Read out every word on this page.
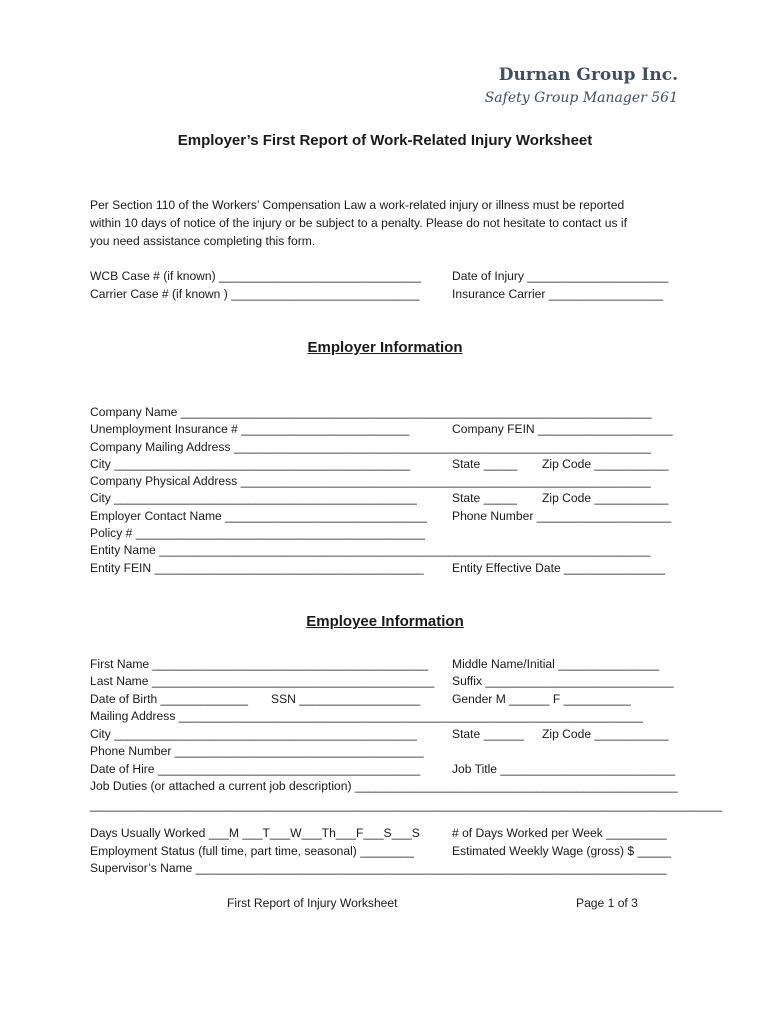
Durnan Group Inc.
Safety Group Manager 561
Employer’s First Report of Work-Related Injury Worksheet
Per Section 110 of the Workers’ Compensation Law a work-related injury or illness must be reported
within 10 days of notice of the injury or be subject to a penalty. Please do not hesitate to contact us if
you need assistance completing this form.
WCB Case # (if known) ______________________________	Date of Injury _____________________
Carrier Case # (if known ) ____________________________	Insurance Carrier _________________
Employer Information
Company Name ______________________________________________________________________
Unemployment Insurance # _________________________	Company FEIN ____________________
Company Mailing Address ______________________________________________________________
City ____________________________________________	State _____ Zip Code ___________
Company Physical Address _____________________________________________________________
City _____________________________________________	State _____ Zip Code ___________
Employer Contact Name ______________________________ Phone Number ____________________
Policy # ___________________________________________
Entity Name _________________________________________________________________________
Entity FEIN ________________________________________ Entity Effective Date _______________
Employee Information
First Name _________________________________________ Middle Name/Initial _______________
Last Name __________________________________________ Suffix ____________________________
Date of Birth _____________ SSN __________________	Gender M ______ F __________
Mailing Address _____________________________________________________________________
City _____________________________________________	State ______ Zip Code ___________
Phone Number _____________________________________
Date of Hire _______________________________________	Job Title __________________________
Job Duties (or attached a current job description) ________________________________________________
______________________________________________________________________________________________
Days Usually Worked ___M ___T___W___Th___F___S___S	# of Days Worked per Week _________
Employment Status (full time, part time, seasonal) ________	Estimated Weekly Wage (gross) $ _____
Supervisor’s Name ______________________________________________________________________
First Report of Injury Worksheet	Page 1 of 3
